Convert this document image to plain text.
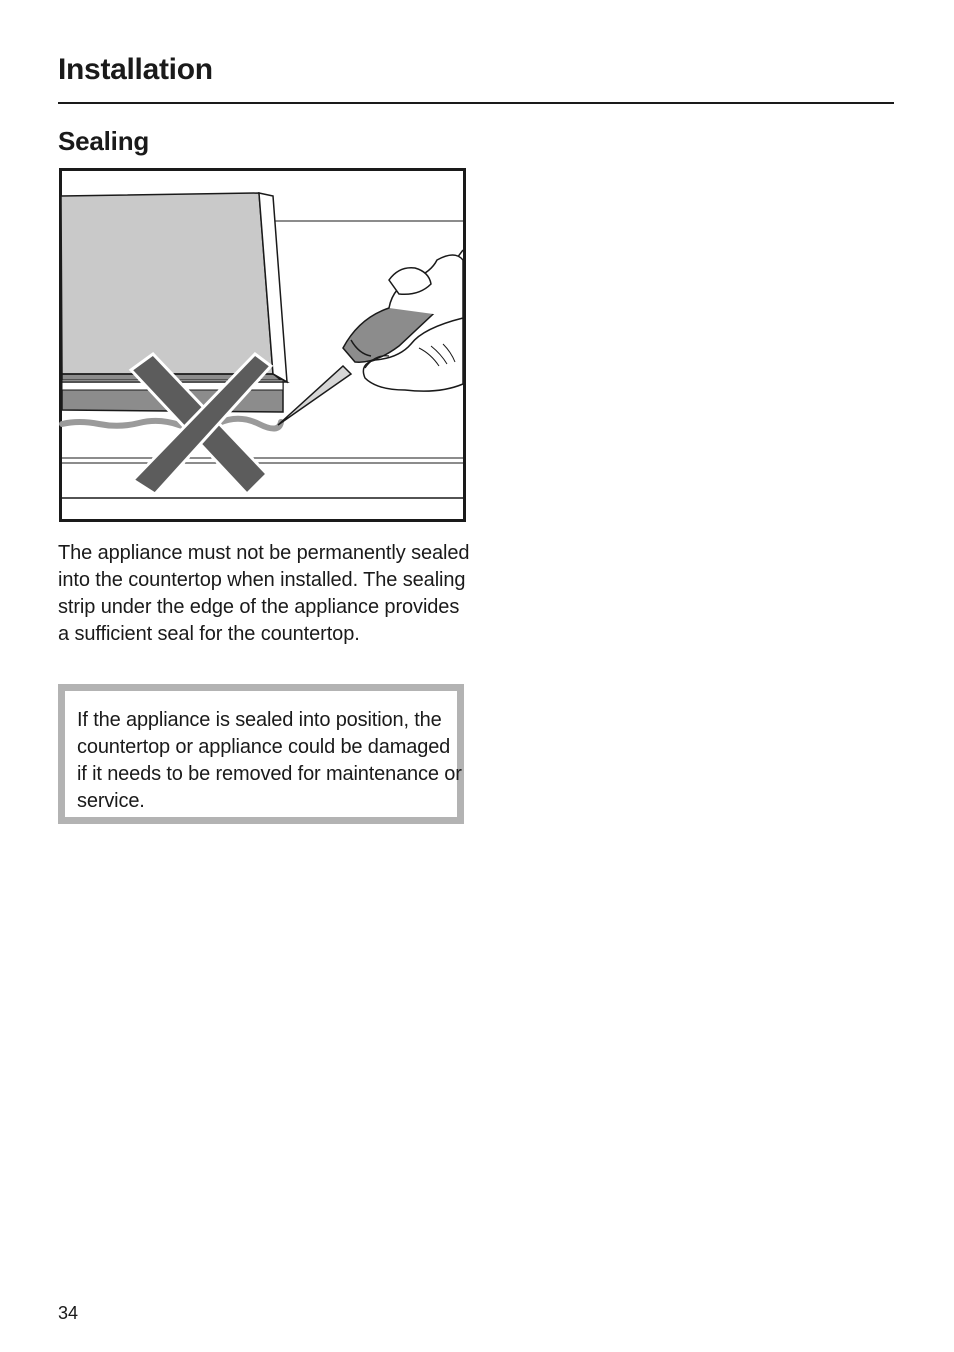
Installation
Sealing

The appliance must not be permanently sealed into the countertop when installed. The sealing strip under the edge of the appliance provides a sufficient seal for the countertop.

If the appliance is sealed into position, the countertop or appliance could be damaged if it needs to be removed for maintenance or service.

34
